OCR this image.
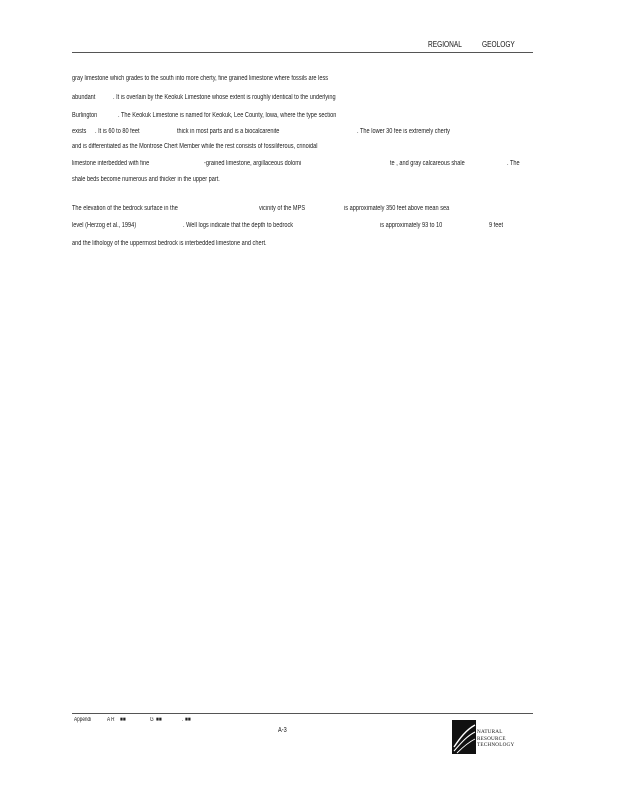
REGIONAL	GEOLOGY
gray limestone which grades to the south into more cherty, fine grained limestone where fossils are less
abundant	. It is overlain by the Keokuk Limestone whose extent is roughly identical to the underlying
Burlington	. The Keokuk Limestone is named for Keokuk, Lee County, Iowa, where the type section
exists . It is 60 to 80 feet	thick in most parts and is a biocalcarenite	. The lower 30 fee is extremely cherty
and is differentiated as the Montrose Chert Member while the rest consists of fossiliferous, crinoidal
limestone interbedded with fine	-grained limestone, argillaceous dolomi	te , and gray calcareous shale	. The
shale beds become numerous and thicker in the upper part.
The elevation of the bedrock surface in the	vicinity of the MPS	is approximately 350 feet above mean sea
level (Herzog et al., 1994)	. Well logs indicate that the depth to bedrock	is approximately 93 to 10	9 feet
and the lithology of the uppermost bedrock is interbedded limestone and chert.
Appendi	A R ■■	G ■■	. ■■
A-3	NATURAL
RESOURCE
TECHNOLOGY
